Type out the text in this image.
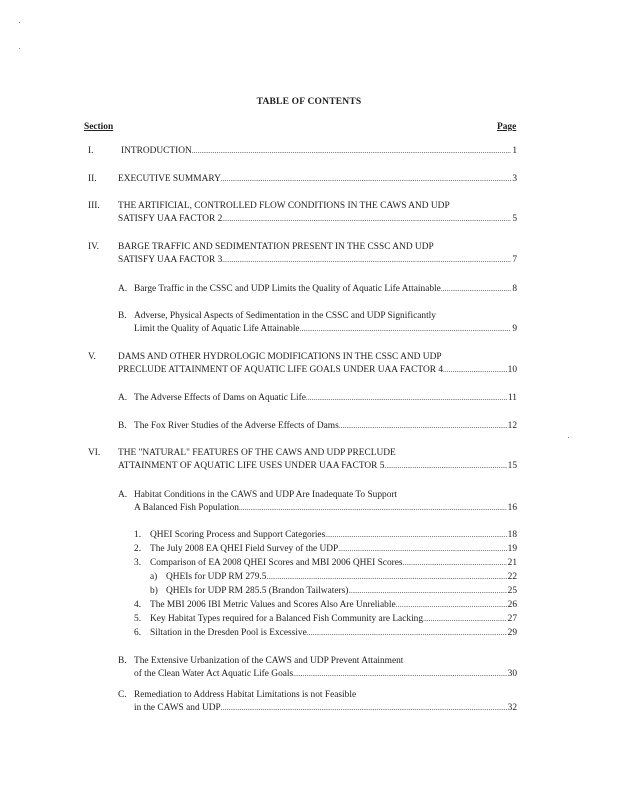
TABLE OF CONTENTS
Section	Page
I.	INTRODUCTION . . .	1
II. EXECUTIVE SUMMARY . . .	3
III. THE ARTIFICIAL, CONTROLLED FLOW CONDITIONS IN THE CAWS AND UDP
SATISFY UAA FACTOR 2 . . .	5
IV. BARGE TRAFFIC AND SEDIMENTATION PRESENT IN THE CSSC AND UDP
SATISFY UAA FACTOR 3 . . .	7
A. Barge Traffic in the CSSC and UDP Limits the Quality of Aquatic Life Attainable . . .	8
B. Adverse, Physical Aspects of Sedimentation in the CSSC and UDP Significantly
Limit the Quality of Aquatic Life Attainable . . .	9
V. DAMS AND OTHER HYDROLOGIC MODIFICATIONS IN THE CSSC AND UDP
PRECLUDE ATTAINMENT OF AQUATIC LIFE GOALS UNDER UAA FACTOR 4 . . .	10
A. The Adverse Effects of Dams on Aquatic Life . . .	11
B. The Fox River Studies of the Adverse Effects of Dams . . .	12
VI. THE "NATURAL" FEATURES OF THE CAWS AND UDP PRECLUDE
ATTAINMENT OF AQUATIC LIFE USES UNDER UAA FACTOR 5 . . .	15
A. Habitat Conditions in the CAWS and UDP Are Inadequate To Support
A Balanced Fish Population . . .	16
1. QHEI Scoring Process and Support Categories . . .	18
2. The July 2008 EA QHEI Field Survey of the UDP . . .	19
3. Comparison of EA 2008 QHEI Scores and MBI 2006 QHEI Scores . . .	21
a) QHEIs for UDP RM 279.5 . . .	22
b) QHEIs for UDP RM 285.5 (Brandon Tailwaters) . . .	25
4. The MBI 2006 IBI Metric Values and Scores Also Are Unreliable . . .	26
5. Key Habitat Types required for a Balanced Fish Community are Lacking . . .	27
6. Siltation in the Dresden Pool is Excessive . . .	29
B. The Extensive Urbanization of the CAWS and UDP Prevent Attainment
of the Clean Water Act Aquatic Life Goals . . .	30
C. Remediation to Address Habitat Limitations is not Feasible
in the CAWS and UDP . . .	32
